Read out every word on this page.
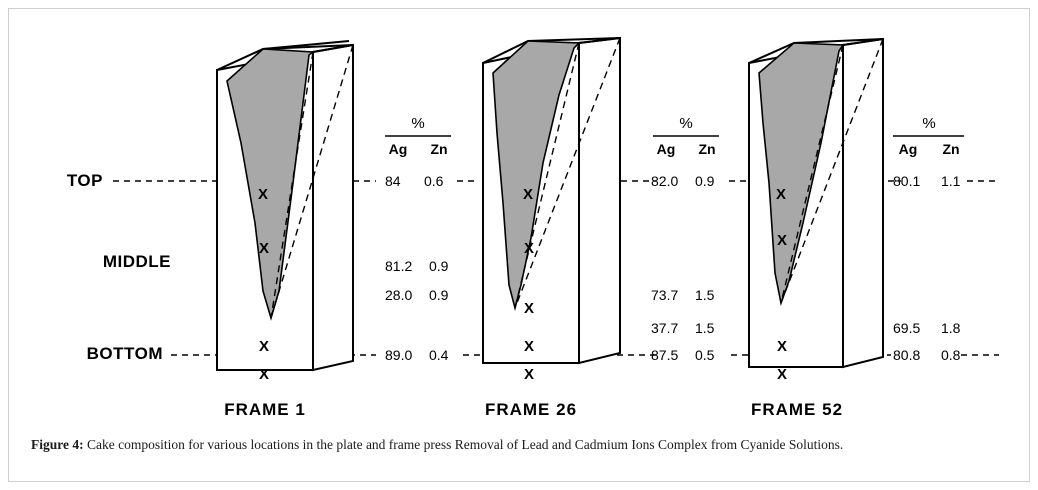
TOP
MIDDLE
BOTTOM
X
X
X
X
%
Ag Zn
84 0.6
81.2 0.9
28.0 0.9
89.0 0.4
FRAME 1
X
X
X
X
X
%
Ag Zn
82.0 0.9
73.7 1.5
37.7 1.5
87.5 0.5
FRAME 26
X
X
X
X
%
Ag Zn
80.1 1.1
69.5 1.8
80.8 0.8
FRAME 52
Figure 4: Cake composition for various locations in the plate and frame press Removal of Lead and Cadmium Ions Complex from Cyanide Solutions.
